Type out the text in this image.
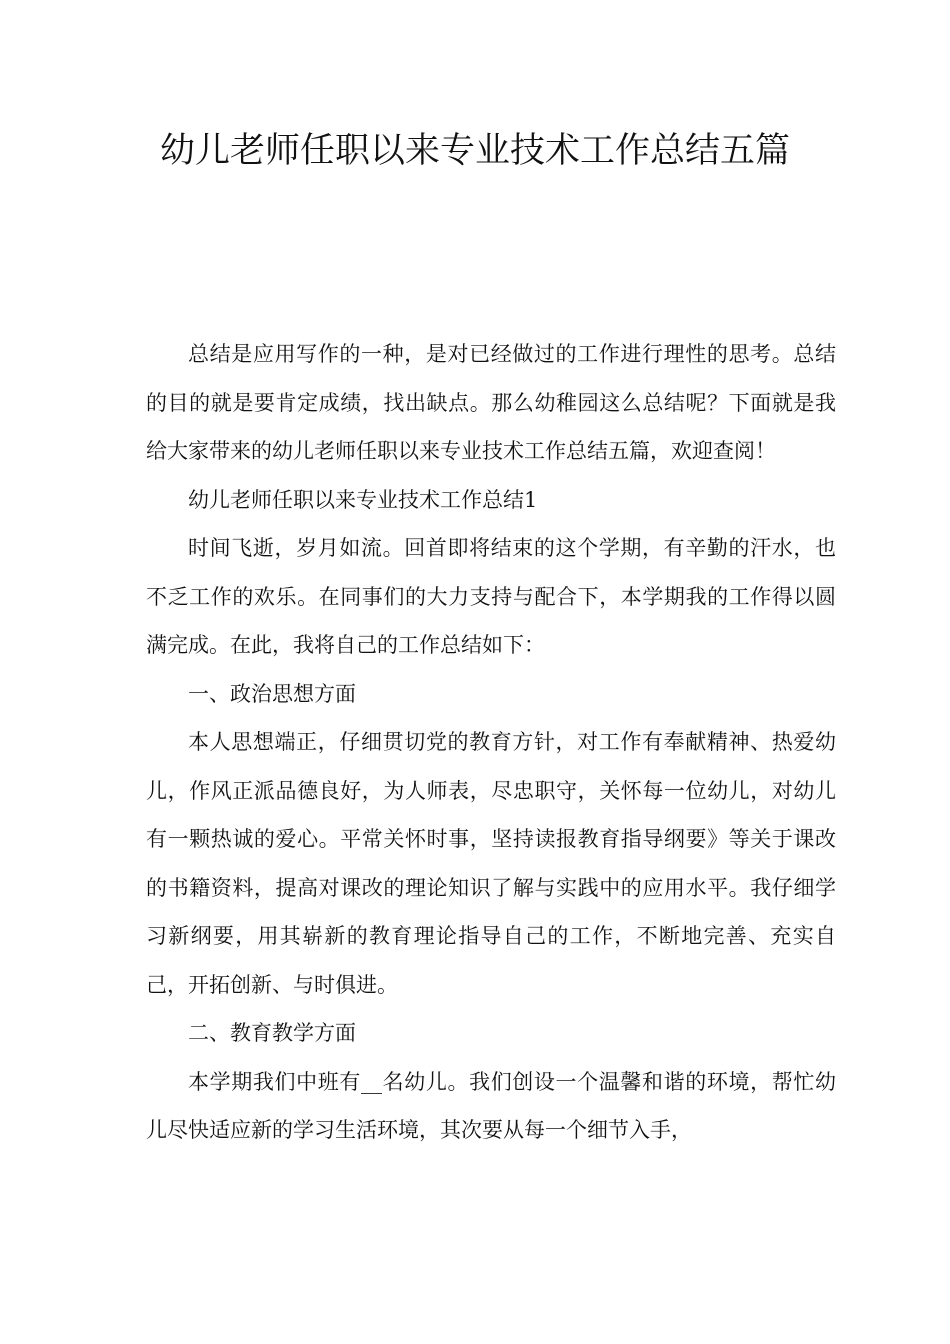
幼儿老师任职以来专业技术工作总结五篇

总结是应用写作的一种，是对已经做过的工作进行理性的思考。总结的目的就是要肯定成绩，找出缺点。那么幼稚园这么总结呢？下面就是我给大家带来的幼儿老师任职以来专业技术工作总结五篇，欢迎查阅！

幼儿老师任职以来专业技术工作总结1

时间飞逝，岁月如流。回首即将结束的这个学期，有辛勤的汗水，也不乏工作的欢乐。在同事们的大力支持与配合下，本学期我的工作得以圆满完成。在此，我将自己的工作总结如下：

一、政治思想方面

本人思想端正，仔细贯切党的教育方针，对工作有奉献精神、热爱幼儿，作风正派品德良好，为人师表，尽忠职守，关怀每一位幼儿，对幼儿有一颗热诚的爱心。平常关怀时事，坚持读报教育指导纲要》等关于课改的书籍资料，提高对课改的理论知识了解与实践中的应用水平。我仔细学习新纲要，用其崭新的教育理论指导自己的工作，不断地完善、充实自己，开拓创新、与时俱进。

二、教育教学方面

本学期我们中班有__名幼儿。我们创设一个温馨和谐的环境，帮忙幼儿尽快适应新的学习生活环境，其次要从每一个细节入手，
